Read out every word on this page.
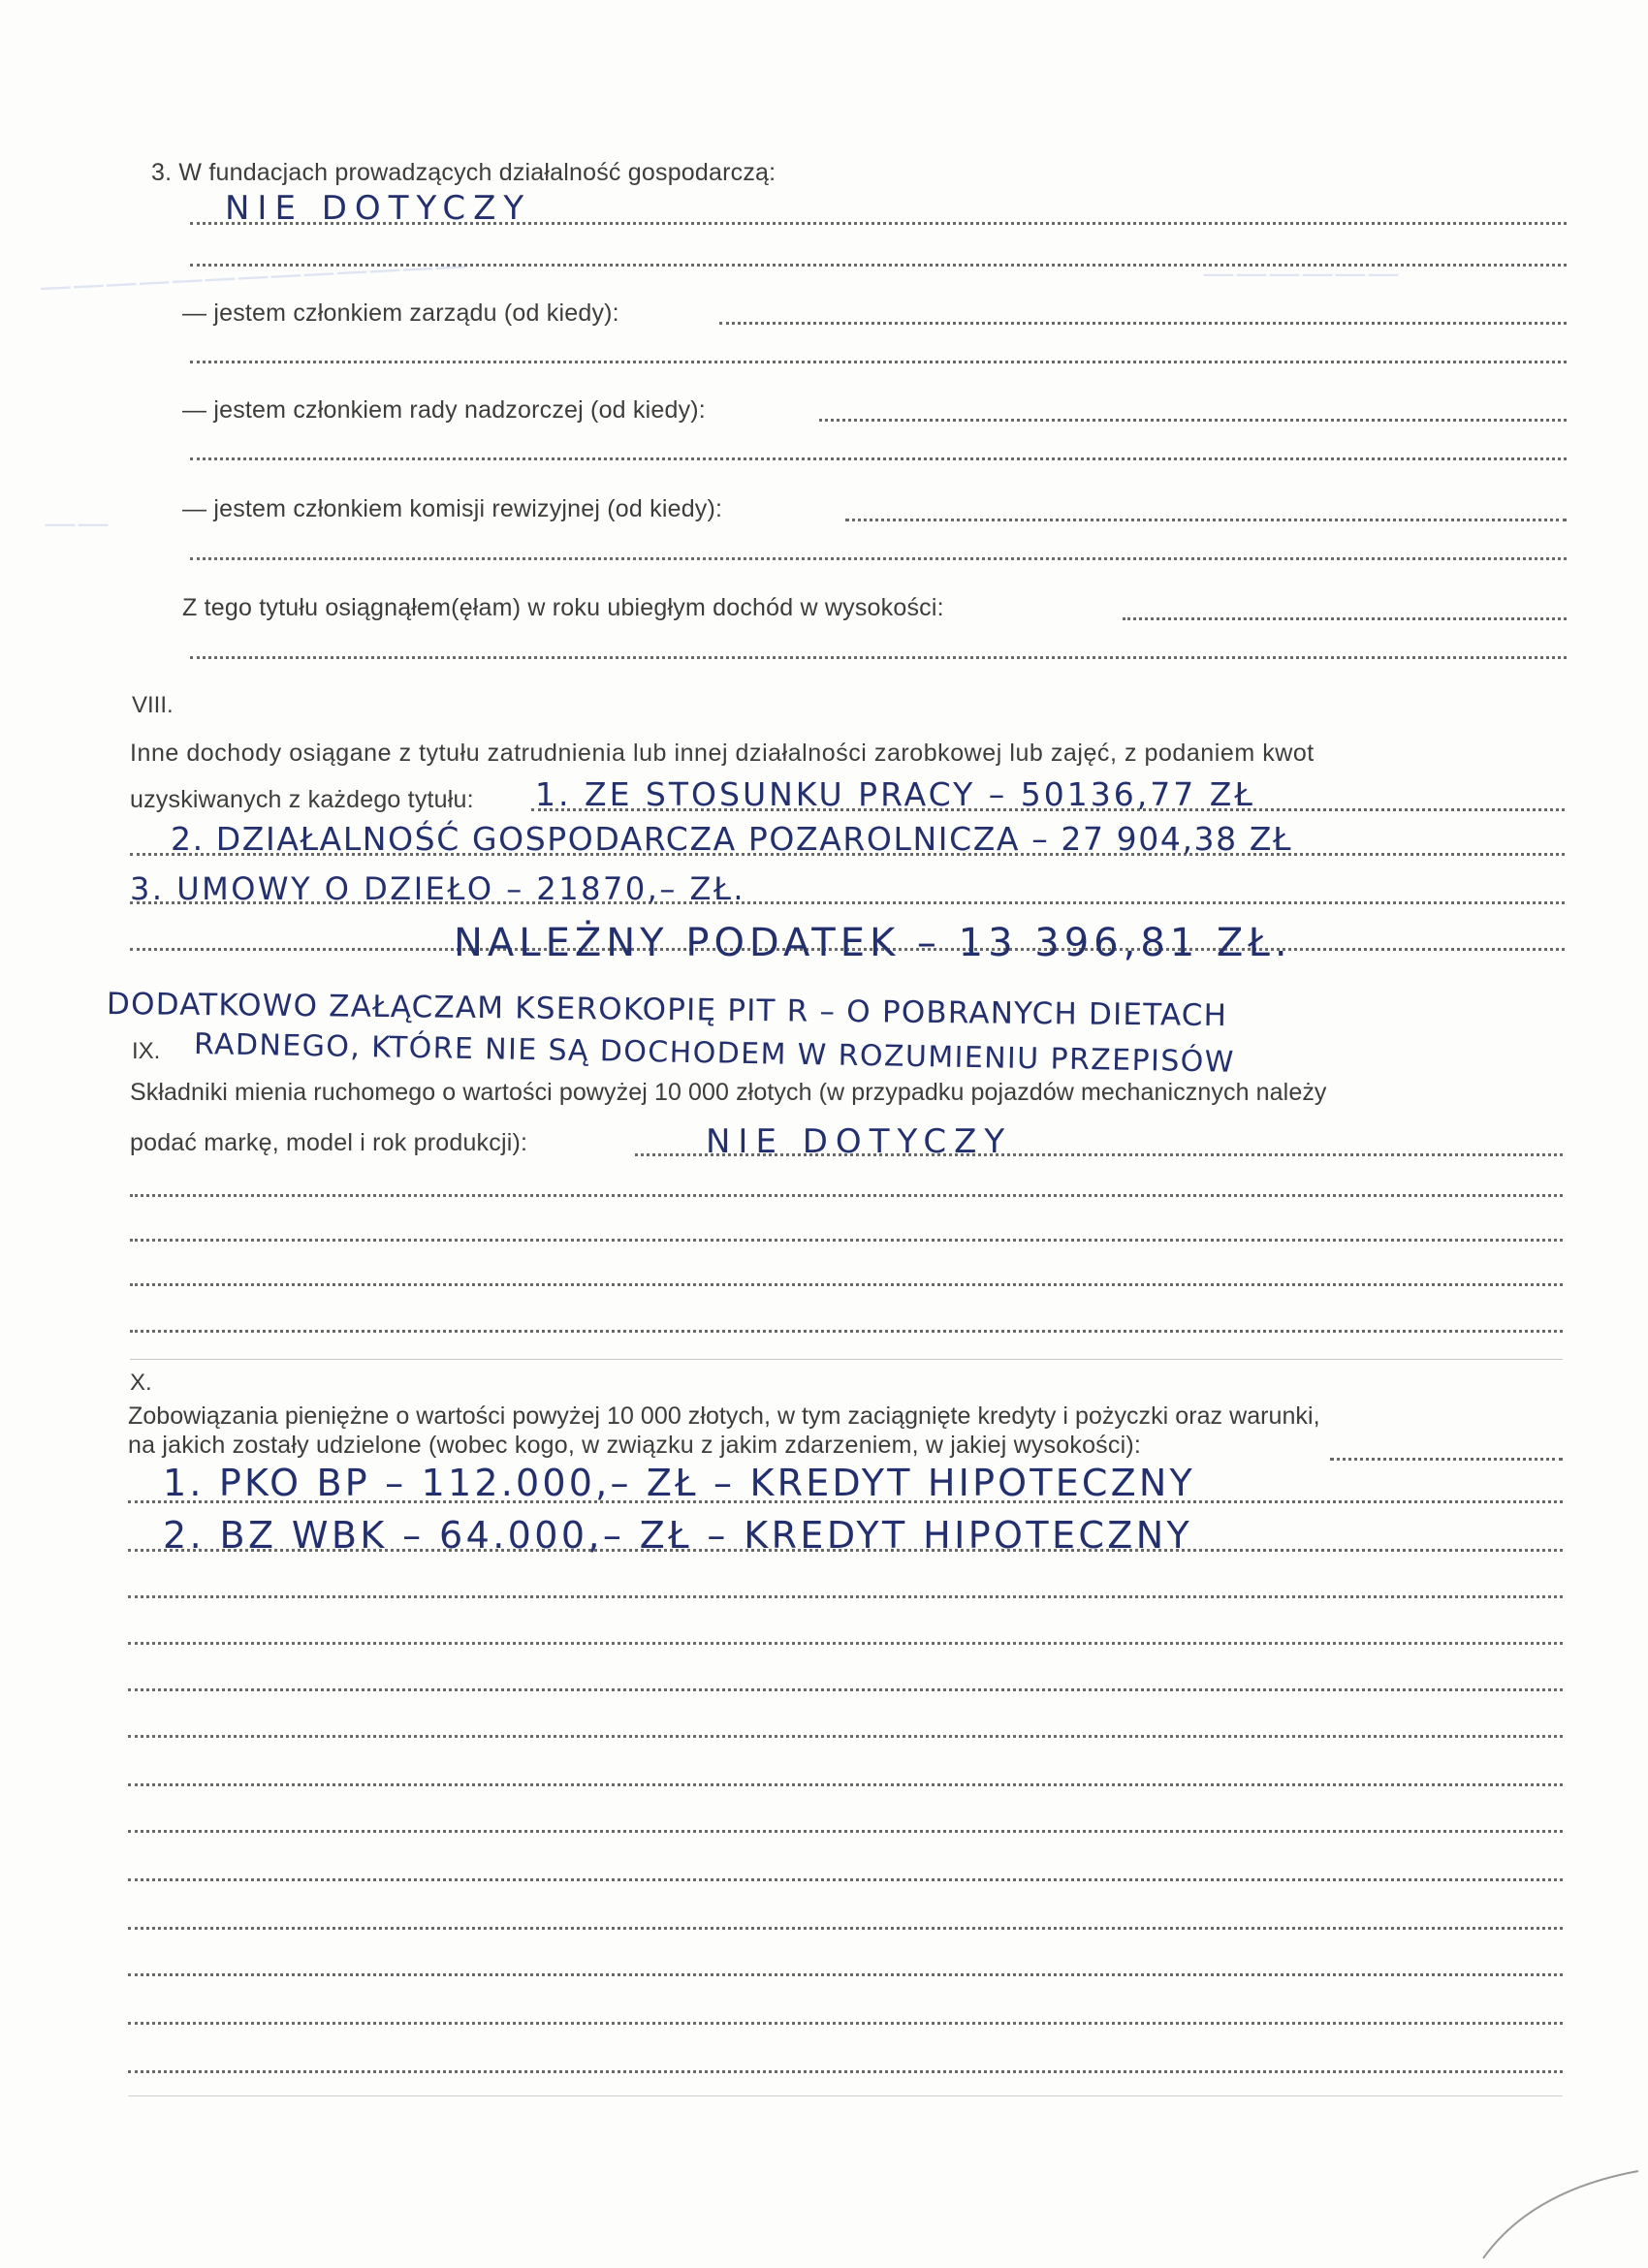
—————————————	——————
——
3. W fundacjach prowadzących działalność gospodarczą:
NIE DOTYCZY
— jestem członkiem zarządu (od kiedy):
— jestem członkiem rady nadzorczej (od kiedy):
— jestem członkiem komisji rewizyjnej (od kiedy):
Z tego tytułu osiągnąłem(ęłam) w roku ubiegłym dochód w wysokości:
VIII.
Inne dochody osiągane z tytułu zatrudnienia lub innej działalności zarobkowej lub zajęć, z podaniem kwot
uzyskiwanych z każdego tytułu: 1. ZE STOSUNKU PRACY – 50136,77 ZŁ
2. DZIAŁALNOŚĆ GOSPODARCZA POZAROLNICZA – 27 904,38 ZŁ
3. UMOWY O DZIEŁO – 21870,– ZŁ.
NALEŻNY PODATEK – 13 396,81 ZŁ.
DODATKOWO ZAŁĄCZAM KSEROKOPIĘ PIT R – O POBRANYCH DIETACH
RADNEGO, KTÓRE NIE SĄ DOCHODEM W ROZUMIENIU PRZEPISÓW
IX.
Składniki mienia ruchomego o wartości powyżej 10 000 złotych (w przypadku pojazdów mechanicznych należy
podać markę, model i rok produkcji):	NIE DOTYCZY
X.
Zobowiązania pieniężne o wartości powyżej 10 000 złotych, w tym zaciągnięte kredyty i pożyczki oraz warunki,
na jakich zostały udzielone (wobec kogo, w związku z jakim zdarzeniem, w jakiej wysokości):
1. PKO BP – 112.000,– ZŁ – KREDYT HIPOTECZNY
2. BZ WBK – 64.000,– ZŁ – KREDYT HIPOTECZNY
